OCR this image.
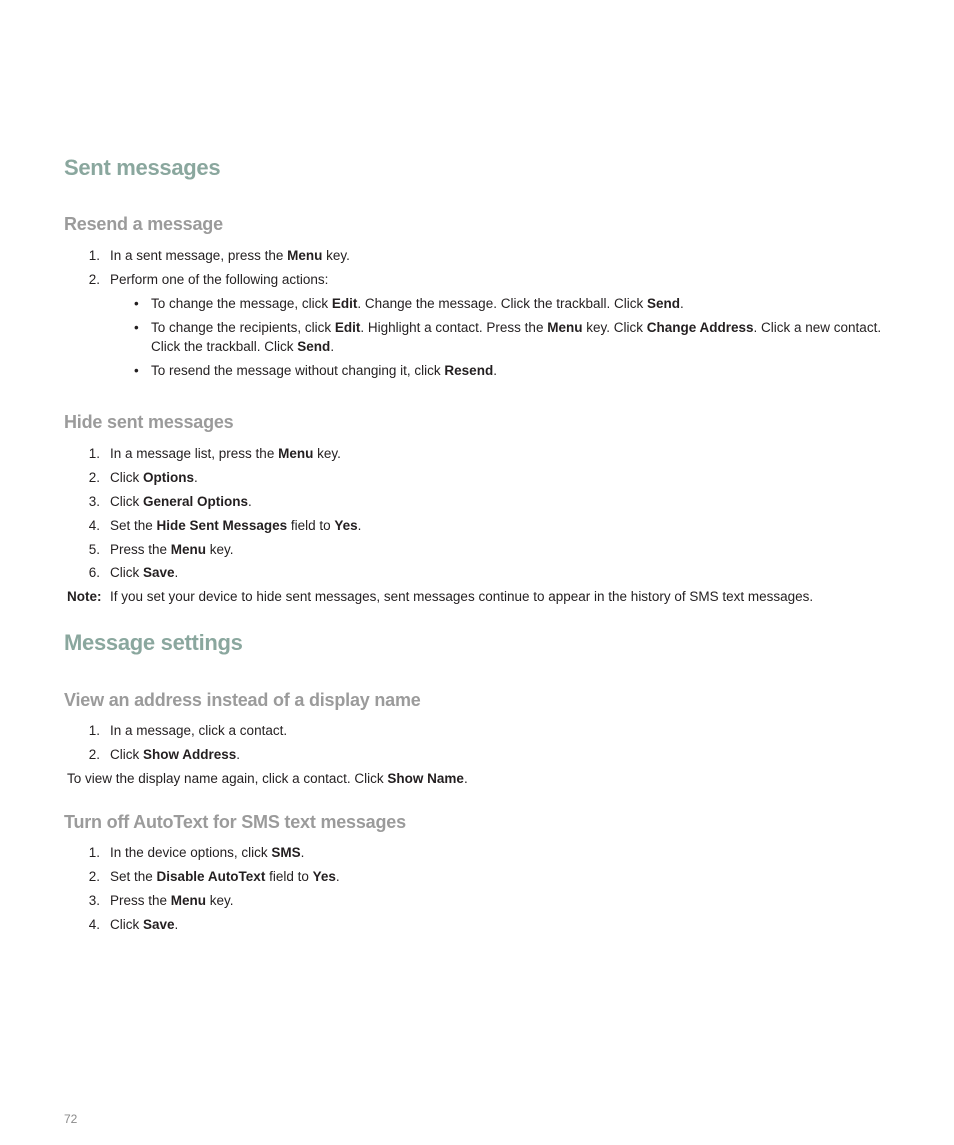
Sent messages
Resend a message
1. In a sent message, press the Menu key.
2. Perform one of the following actions:
• To change the message, click Edit. Change the message. Click the trackball. Click Send.
• To change the recipients, click Edit. Highlight a contact. Press the Menu key. Click Change Address. Click a new contact.
Click the trackball. Click Send.
• To resend the message without changing it, click Resend.
Hide sent messages
1. In a message list, press the Menu key.
2. Click Options.
3. Click General Options.
4. Set the Hide Sent Messages field to Yes.
5. Press the Menu key.
6. Click Save.
Note: If you set your device to hide sent messages, sent messages continue to appear in the history of SMS text messages.
Message settings
View an address instead of a display name
1. In a message, click a contact.
2. Click Show Address.
To view the display name again, click a contact. Click Show Name.
Turn off AutoText for SMS text messages
1. In the device options, click SMS.
2. Set the Disable AutoText field to Yes.
3. Press the Menu key.
4. Click Save.
72
